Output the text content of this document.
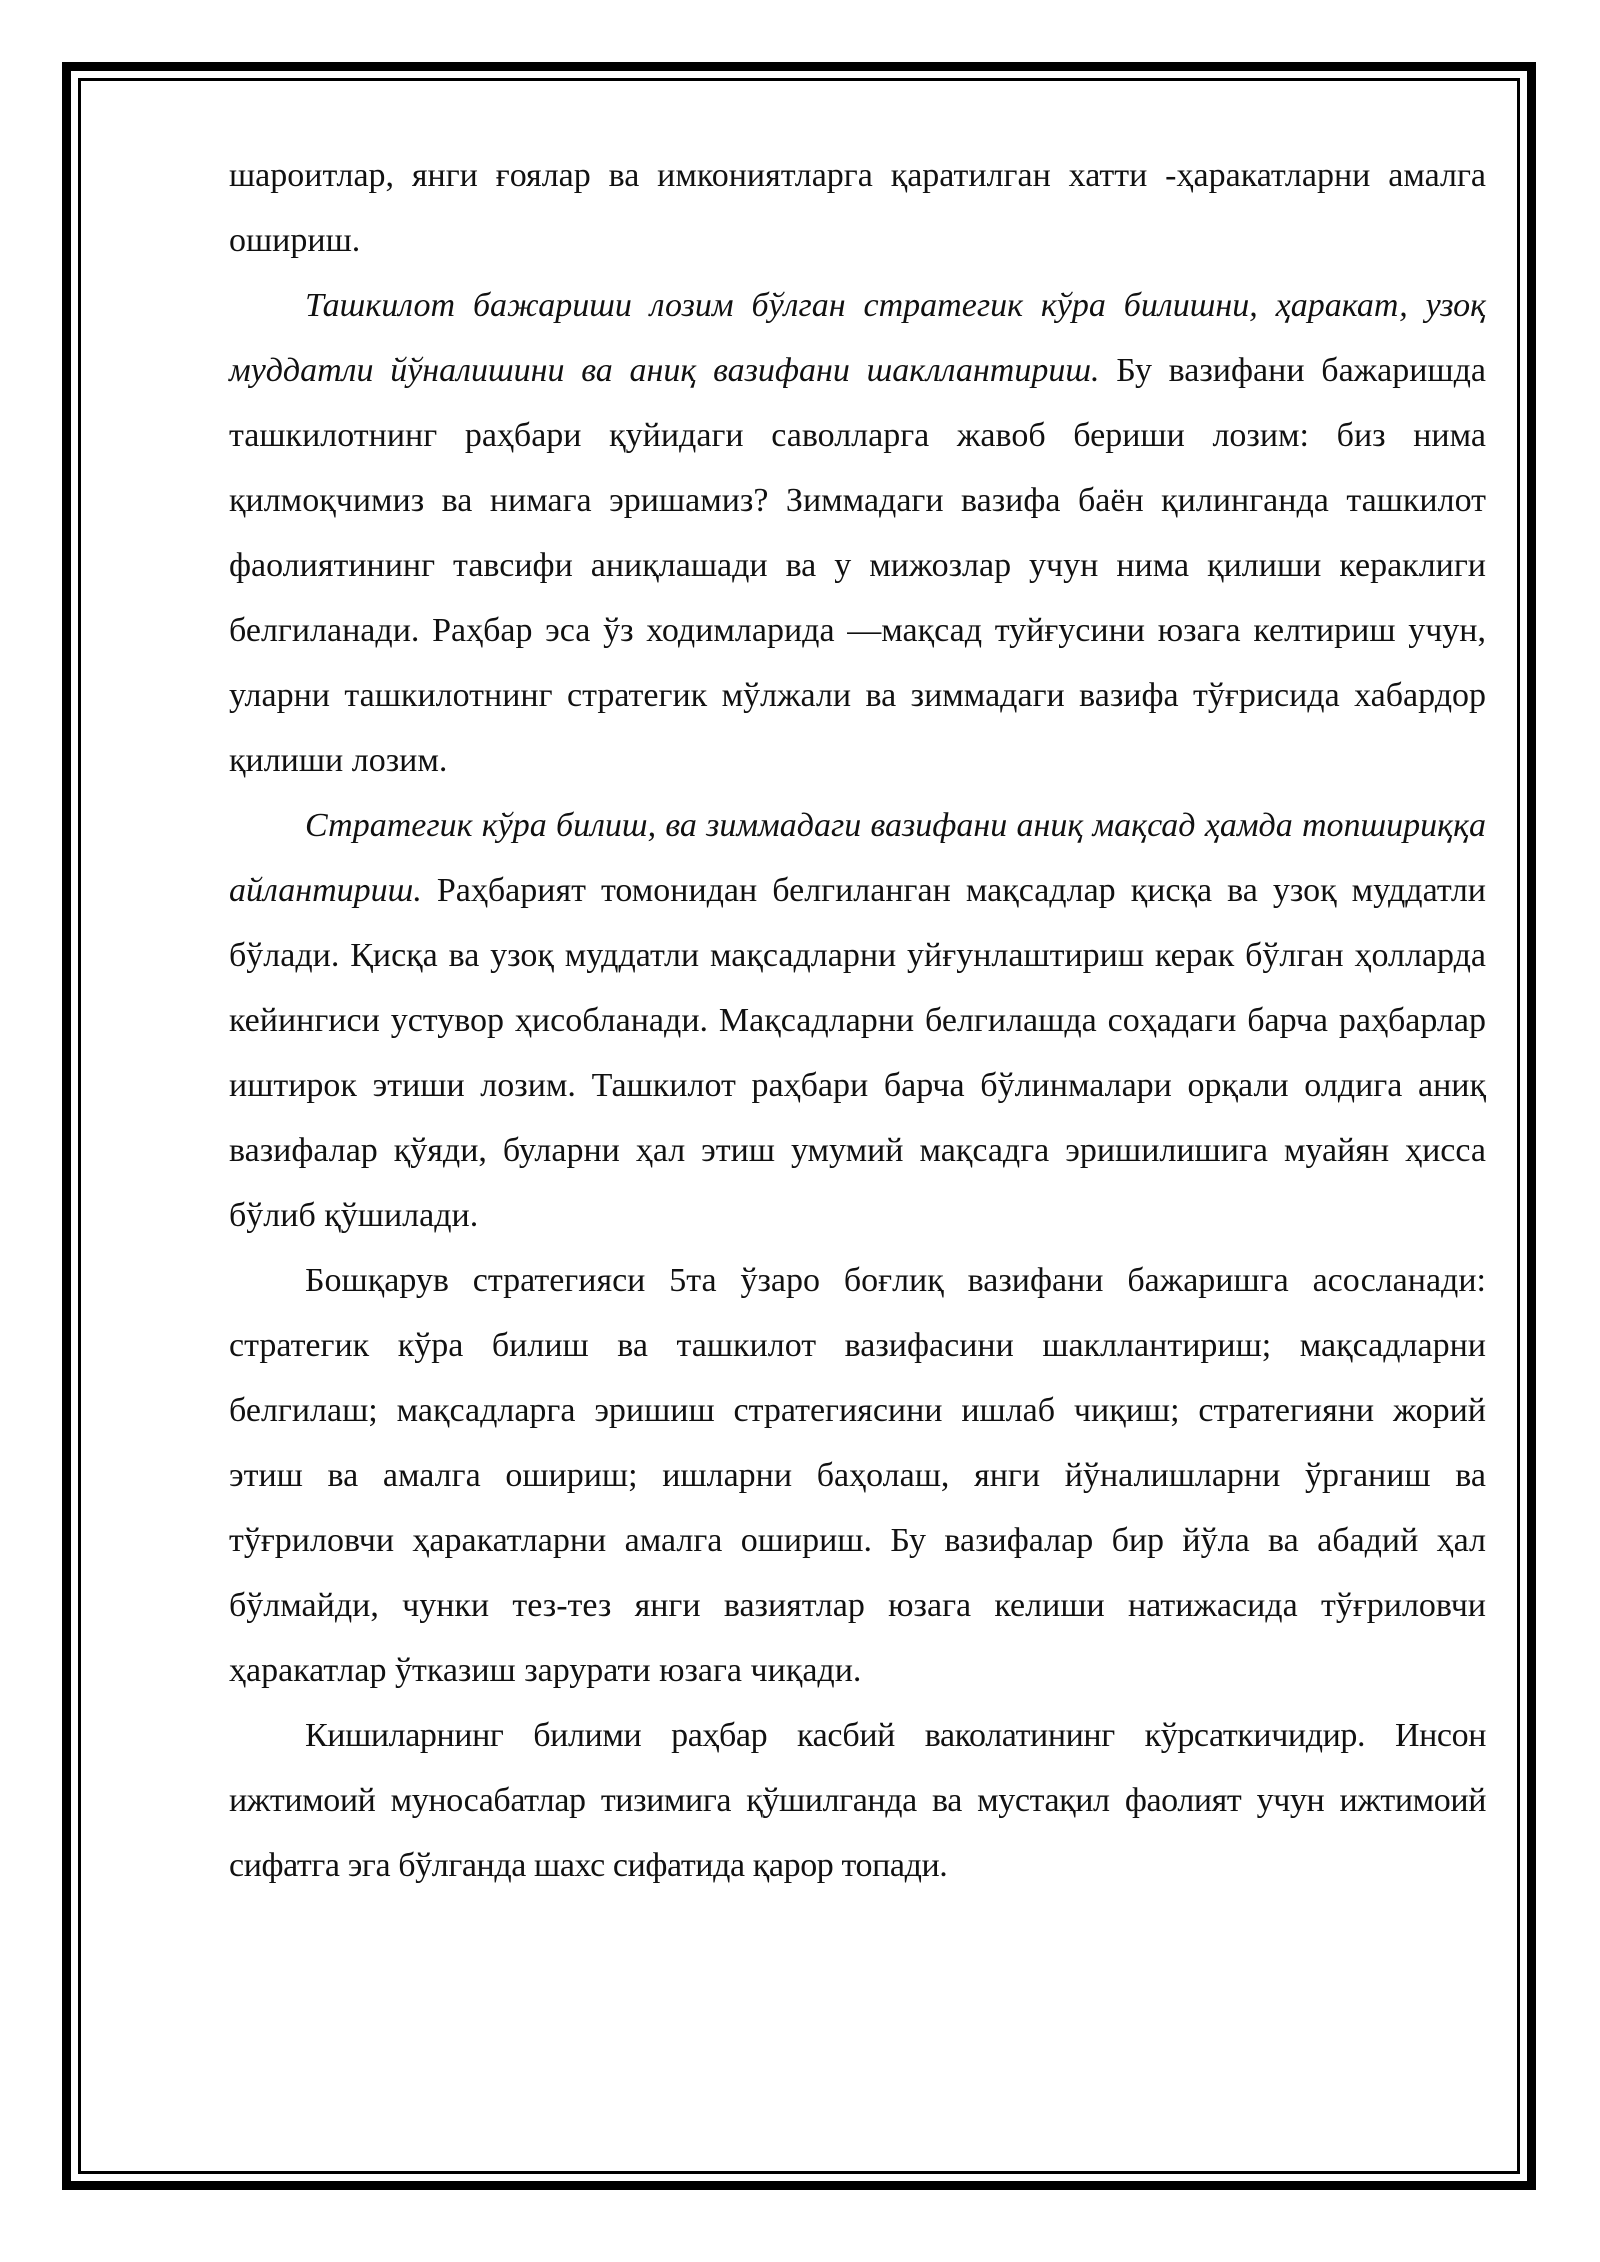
шароитлар, янги ғоялар ва имкониятларга қаратилган хатти -ҳаракатларни амалга ошириш.

Ташкилот бажариши лозим бўлган стратегик кўра билишни, ҳаракат, узоқ муддатли йўналишини ва аниқ вазифани шакллантириш. Бу вазифани бажаришда ташкилотнинг раҳбари қуйидаги саволларга жавоб бериши лозим: биз нима қилмоқчимиз ва нимага эришамиз? Зиммадаги вазифа баён қилинганда ташкилот фаолиятининг тавсифи аниқлашади ва у мижозлар учун нима қилиши кераклиги белгиланади. Раҳбар эса ўз ходимларида —мақсад туйғусини юзага келтириш учун, уларни ташкилотнинг стратегик мўлжали ва зиммадаги вазифа тўғрисида хабардор қилиши лозим.

Стратегик кўра билиш, ва зиммадаги вазифани аниқ мақсад ҳамда топшириққа айлантириш. Раҳбарият томонидан белгиланган мақсадлар қисқа ва узоқ муддатли бўлади. Қисқа ва узоқ муддатли мақсадларни уйғунлаштириш керак бўлган ҳолларда кейингиси устувор ҳисобланади. Мақсадларни белгилашда соҳадаги барча раҳбарлар иштирок этиши лозим. Ташкилот раҳбари барча бўлинмалари орқали олдига аниқ вазифалар қўяди, буларни ҳал этиш умумий мақсадга эришилишига муайян ҳисса бўлиб қўшилади.

Бошқарув стратегияси 5та ўзаро боғлиқ вазифани бажаришга асосланади: стратегик кўра билиш ва ташкилот вазифасини шакллантириш; мақсадларни белгилаш; мақсадларга эришиш стратегиясини ишлаб чиқиш; стратегияни жорий этиш ва амалга ошириш; ишларни баҳолаш, янги йўналишларни ўрганиш ва тўғриловчи ҳаракатларни амалга ошириш. Бу вазифалар бир йўла ва абадий ҳал бўлмайди, чунки тез-тез янги вазиятлар юзага келиши натижасида тўғриловчи ҳаракатлар ўтказиш зарурати юзага чиқади.

Кишиларнинг билими раҳбар касбий ваколатининг кўрсаткичидир. Инсон ижтимоий муносабатлар тизимига қўшилганда ва мустақил фаолият учун ижтимоий сифатга эга бўлганда шахс сифатида қарор топади.
